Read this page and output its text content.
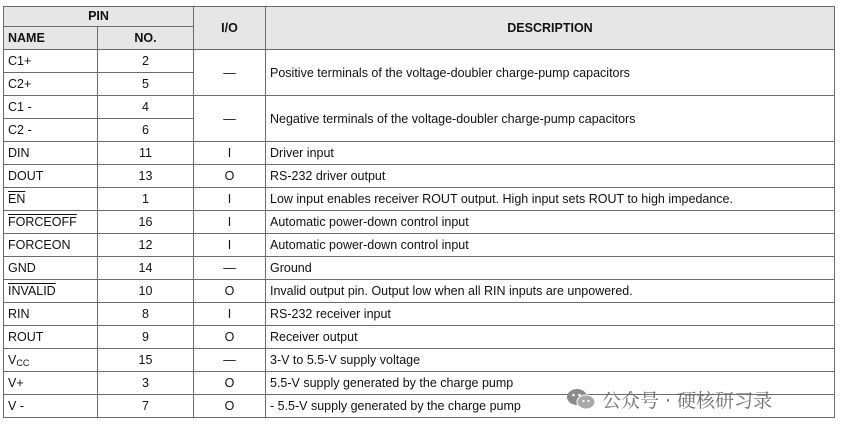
PIN		I/O	DESCRIPTION
NAME	NO.		
C1+	2	—	Positive terminals of the voltage-doubler charge-pump capacitors
C2+	5		
C1 -	4	—	Negative terminals of the voltage-doubler charge-pump capacitors
C2 -	6		
DIN	11	I	Driver input
DOUT	13	O	RS-232 driver output
$\overline{EN}$	1	I	Low input enables receiver ROUT output. High input sets ROUT to high impedance.
FORCEOFF	16	I	Automatic power-down control input
FORCEON	12	I	Automatic power-down control input
GND	14	—	Ground
INVALID	10	O	Invalid output pin. Output low when all RIN inputs are unpowered.
RIN	8	I	RS-232 receiver input
ROUT	9	O	Receiver output
$V_{CC}$	15	—	3-V to 5.5-V supply voltage
V+	3	O	5.5-V supply generated by the charge pump
V -	7	O	- 5.5-V supply generated by the charge pump	公众号 · 硬核研习录
